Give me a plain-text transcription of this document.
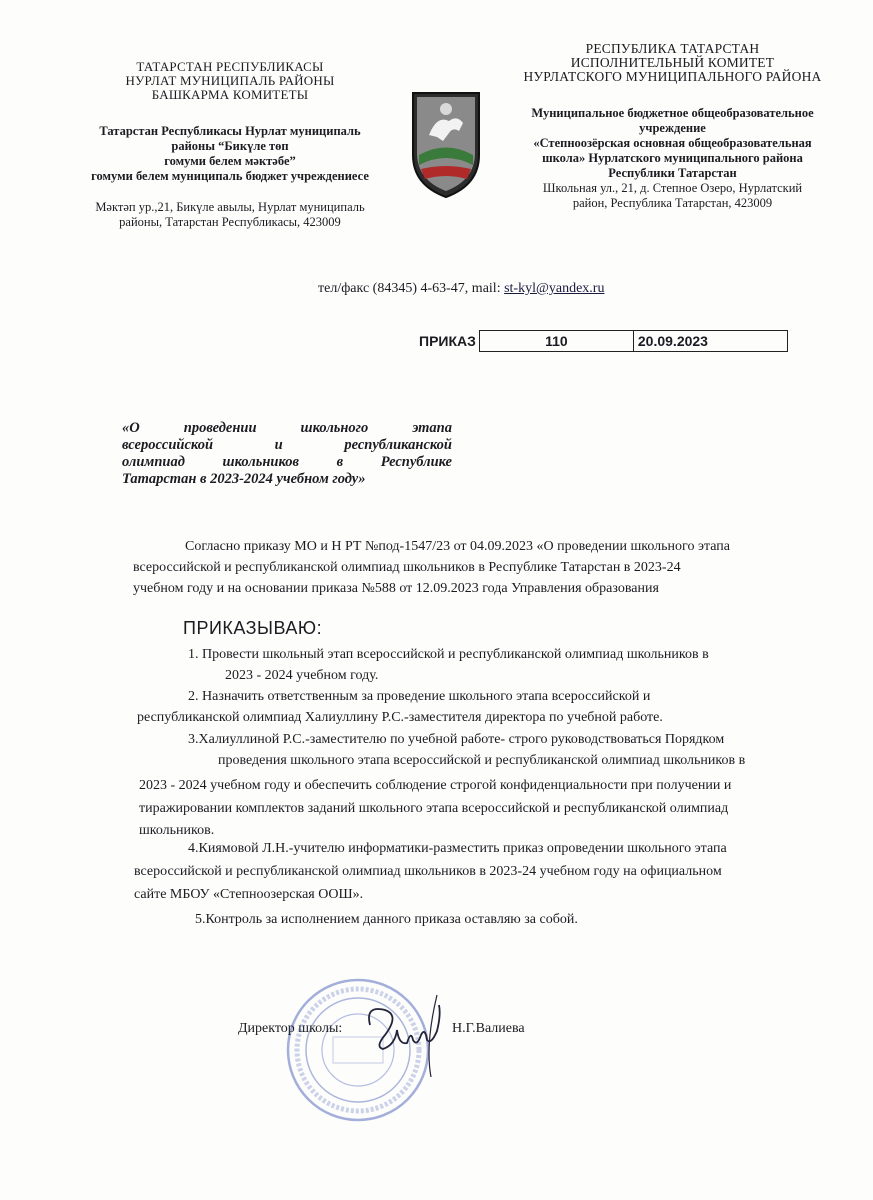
ТАТАРСТАН РЕСПУБЛИКАСЫ
НУРЛАТ МУНИЦИПАЛЬ РАЙОНЫ
БАШКАРМА КОМИТЕТЫ
Татарстан Республикасы Нурлат муниципаль
районы “Бикүле төп
гомуми белем мәктәбе”
гомуми белем муниципаль бюджет учреждениесе
Мәктәп ур.,21, Бикүле авылы, Нурлат муниципаль
районы, Татарстан Республикасы, 423009
РЕСПУБЛИКА ТАТАРСТАН
ИСПОЛНИТЕЛЬНЫЙ КОМИТЕТ
НУРЛАТСКОГО МУНИЦИПАЛЬНОГО РАЙОНА
Муниципальное бюджетное общеобразовательное
учреждение
«Степноозёрская основная общеобразовательная
школа» Нурлатского муниципального района
Республики Татарстан
Школьная ул., 21, д. Степное Озеро, Нурлатский
район, Республика Татарстан, 423009
тел/факс (84345) 4-63-47, mail: st-kyl@yandex.ru
ПРИКАЗ	110	20.09.2023
«О проведении школьного этапа
всероссийской и республиканской
олимпиад школьников в Республике
Татарстан в 2023-2024 учебном году»
Согласно приказу МО и Н РТ №под-1547/23 от 04.09.2023 «О проведении школьного этапа
всероссийской и республиканской олимпиад школьников в Республике Татарстан в 2023-24
учебном году и на основании приказа №588 от 12.09.2023 года Управления образования
ПРИКАЗЫВАЮ:
1. Провести школьный этап всероссийской и республиканской олимпиад школьников в
2023 - 2024 учебном году.
2. Назначить ответственным за проведение школьного этапа всероссийской и
республиканской олимпиад Халиуллину Р.С.-заместителя директора по учебной работе.
3.Халиуллиной Р.С.-заместителю по учебной работе- строго руководствоваться Порядком
проведения школьного этапа всероссийской и республиканской олимпиад школьников в
2023 - 2024 учебном году и обеспечить соблюдение строгой конфиденциальности при получении и
тиражировании комплектов заданий школьного этапа всероссийской и республиканской олимпиад
школьников.
4.Киямовой Л.Н.-учителю информатики-разместить приказ опроведении школьного этапа
всероссийской и республиканской олимпиад школьников в 2023-24 учебном году на официальном
сайте МБОУ «Степноозерская ООШ».
5.Контроль за исполнением данного приказа оставляю за собой.
Директор школы:	Н.Г.Валиева
